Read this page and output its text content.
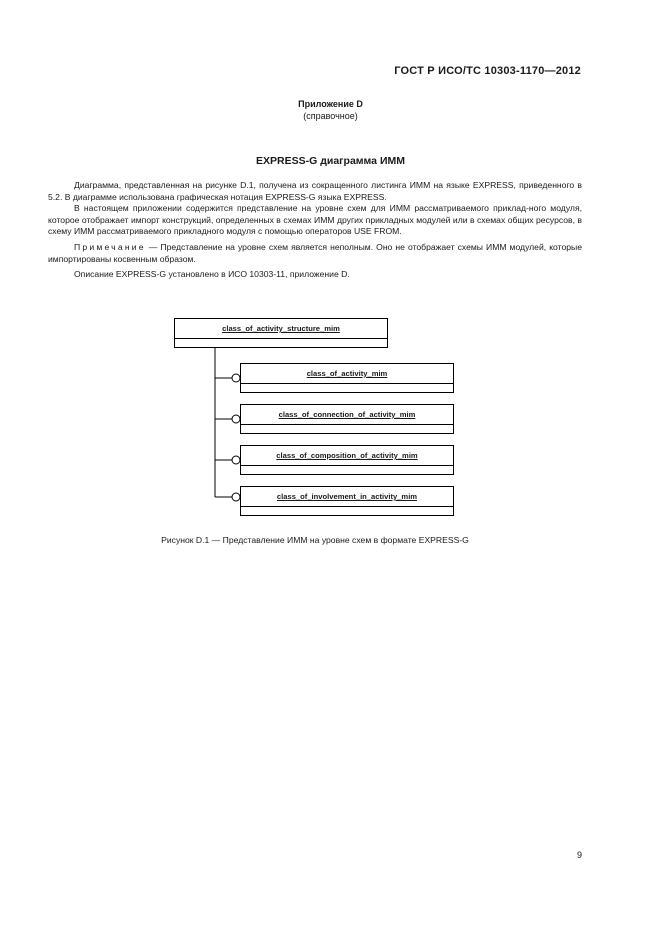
ГОСТ Р ИСО/ТС 10303-1170—2012
Приложение D
(справочное)
EXPRESS-G диаграмма ИММ

Диаграмма, представленная на рисунке D.1, получена из сокращенного листинга ИММ на языке EXPRESS, приведенного в 5.2. В диаграмме использована графическая нотация EXPRESS-G языка EXPRESS.

В настоящем приложении содержится представление на уровне схем для ИММ рассматриваемого приклад-ного модуля, которое отображает импорт конструкций, определенных в схемах ИММ других прикладных модулей или в схемах общих ресурсов, в схему ИММ рассматриваемого прикладного модуля с помощью операторов USE FROM.

Примечание — Представление на уровне схем является неполным. Оно не отображает схемы ИММ модулей, которые импортированы косвенным образом.

Описание EXPRESS-G установлено в ИСО 10303-11, приложение D.

class_of_activity_structure_mim
class_of_activity_mim
class_of_connection_of_activity_mim
class_of_composition_of_activity_mim
class_of_involvement_in_activity_mim
Рисунок D.1 — Представление ИММ на уровне схем в формате EXPRESS-G
9
